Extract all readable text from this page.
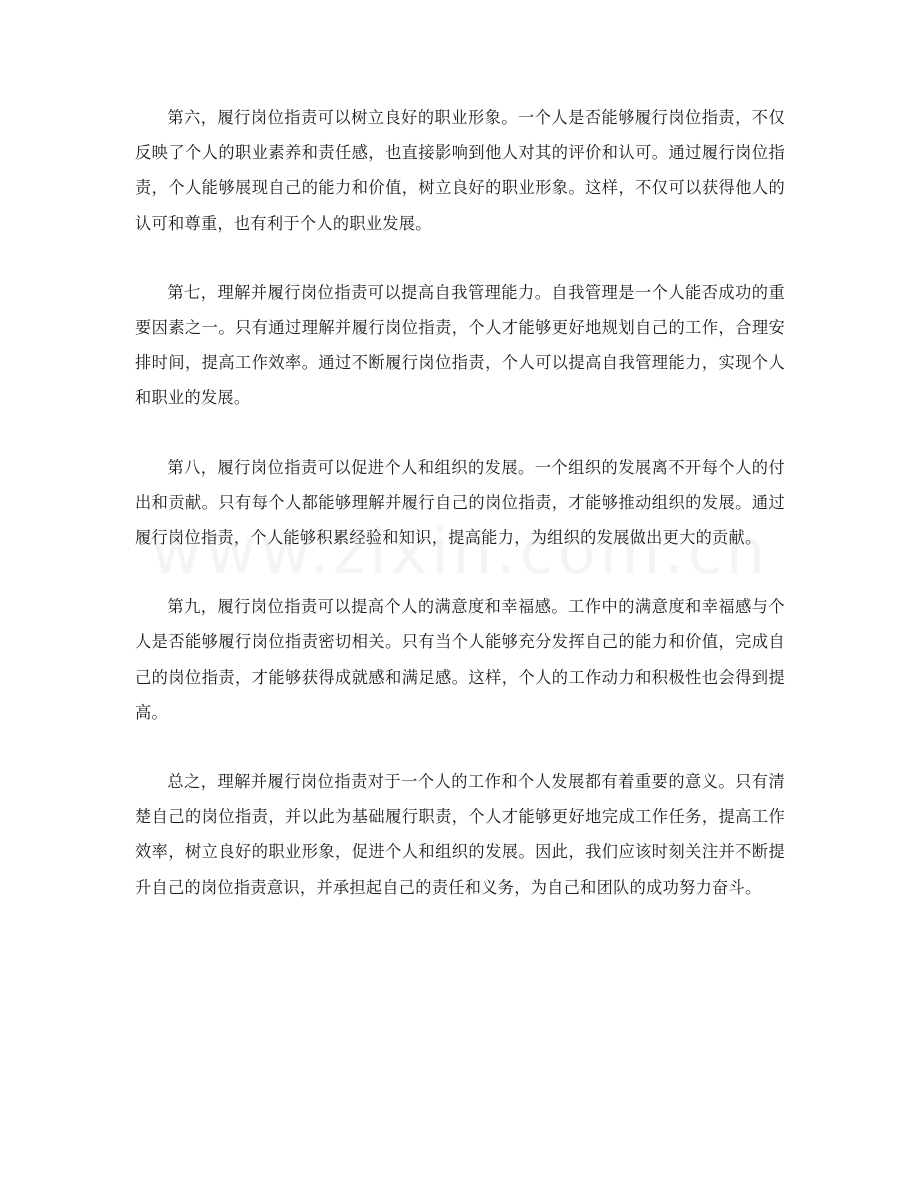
第六，履行岗位指责可以树立良好的职业形象。一个人是否能够履行岗位指责，不仅反映了个人的职业素养和责任感，也直接影响到他人对其的评价和认可。通过履行岗位指责，个人能够展现自己的能力和价值，树立良好的职业形象。这样，不仅可以获得他人的认可和尊重，也有利于个人的职业发展。

第七，理解并履行岗位指责可以提高自我管理能力。自我管理是一个人能否成功的重要因素之一。只有通过理解并履行岗位指责，个人才能够更好地规划自己的工作，合理安排时间，提高工作效率。通过不断履行岗位指责，个人可以提高自我管理能力，实现个人和职业的发展。

第八，履行岗位指责可以促进个人和组织的发展。一个组织的发展离不开每个人的付出和贡献。只有每个人都能够理解并履行自己的岗位指责，才能够推动组织的发展。通过履行岗位指责，个人能够积累经验和知识，提高能力，为组织的发展做出更大的贡献。

第九，履行岗位指责可以提高个人的满意度和幸福感。工作中的满意度和幸福感与个人是否能够履行岗位指责密切相关。只有当个人能够充分发挥自己的能力和价值，完成自己的岗位指责，才能够获得成就感和满足感。这样，个人的工作动力和积极性也会得到提高。

总之，理解并履行岗位指责对于一个人的工作和个人发展都有着重要的意义。只有清楚自己的岗位指责，并以此为基础履行职责，个人才能够更好地完成工作任务，提高工作效率，树立良好的职业形象，促进个人和组织的发展。因此，我们应该时刻关注并不断提升自己的岗位指责意识，并承担起自己的责任和义务，为自己和团队的成功努力奋斗。
